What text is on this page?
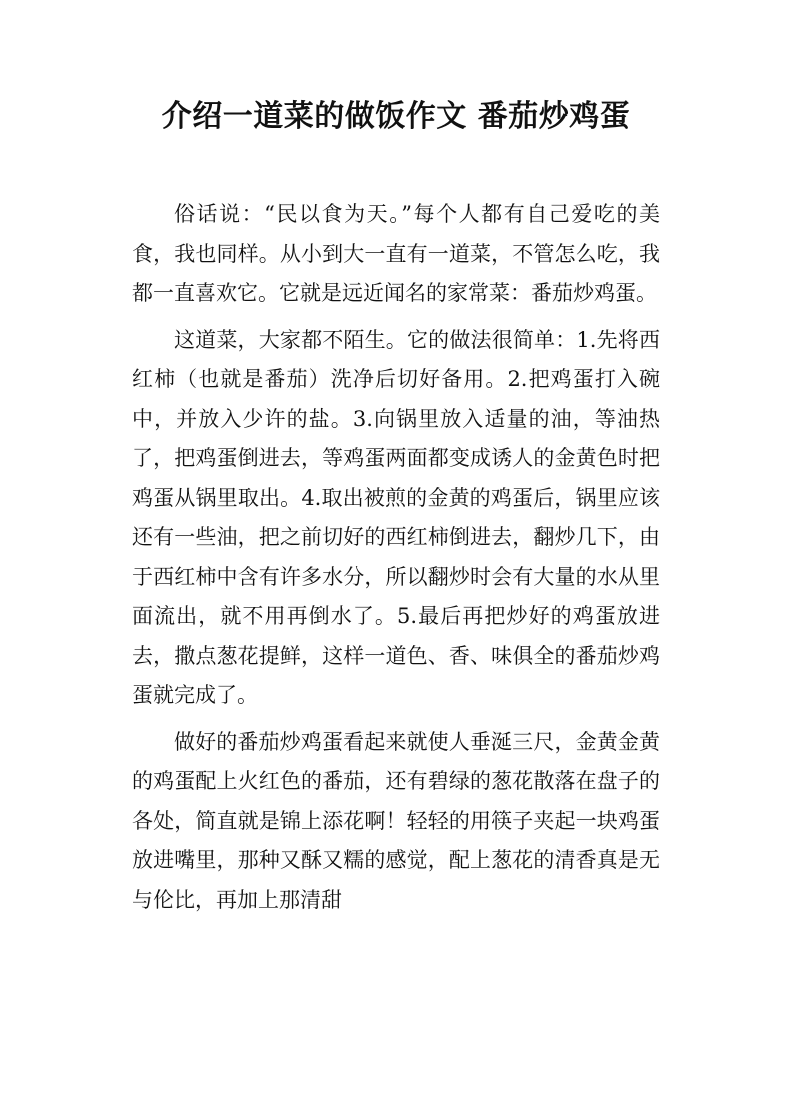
介绍一道菜的做饭作文 番茄炒鸡蛋

俗话说：“民以食为天。”每个人都有自己爱吃的美食，我也同样。从小到大一直有一道菜，不管怎么吃，我都一直喜欢它。它就是远近闻名的家常菜：番茄炒鸡蛋。

这道菜，大家都不陌生。它的做法很简单：1.先将西红柿（也就是番茄）洗净后切好备用。2.把鸡蛋打入碗中，并放入少许的盐。3.向锅里放入适量的油，等油热了，把鸡蛋倒进去，等鸡蛋两面都变成诱人的金黄色时把鸡蛋从锅里取出。4.取出被煎的金黄的鸡蛋后，锅里应该还有一些油，把之前切好的西红柿倒进去，翻炒几下，由于西红柿中含有许多水分，所以翻炒时会有大量的水从里面流出，就不用再倒水了。5.最后再把炒好的鸡蛋放进去，撒点葱花提鲜，这样一道色、香、味俱全的番茄炒鸡蛋就完成了。

做好的番茄炒鸡蛋看起来就使人垂涎三尺，金黄金黄的鸡蛋配上火红色的番茄，还有碧绿的葱花散落在盘子的各处，简直就是锦上添花啊！轻轻的用筷子夹起一块鸡蛋放进嘴里，那种又酥又糯的感觉，配上葱花的清香真是无与伦比，再加上那清甜
